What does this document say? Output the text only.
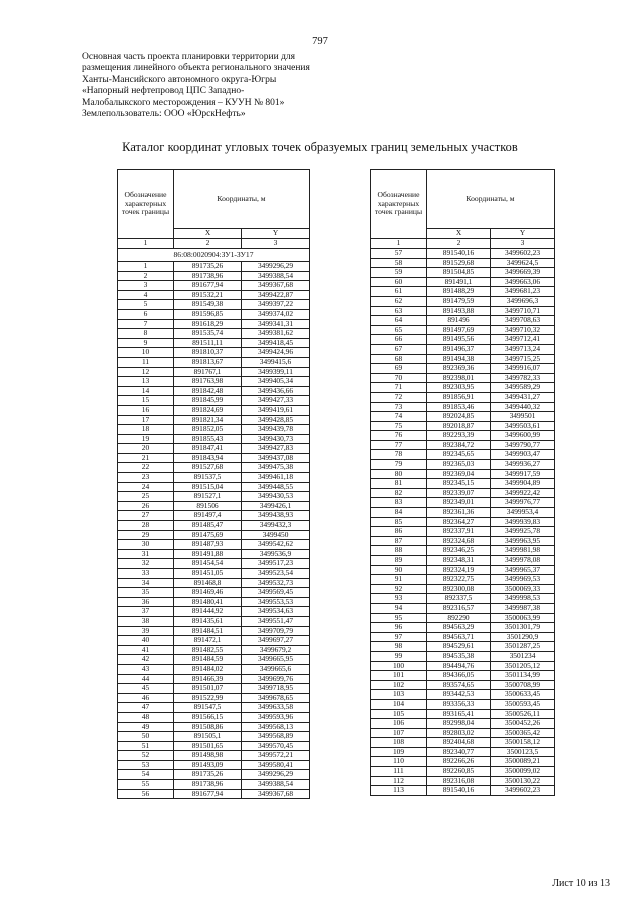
797
Основная часть проекта планировки территории для
размещения линейного объекта регионального значения
Ханты-Мансийского автономного округа-Югры
«Напорный нефтепровод ЦПС Западно-
Малобалыкского месторождения – КУУН № 801»
Землепользователь: ООО «ЮрскНефть»
Каталог координат угловых точек образуемых границ земельных участков
Обозначение характерных точек границы	Координаты, м	
	X	Y
1	2	3
86:08:0020904:ЗУ1-ЗУ17		
1	891735,26	3499296,29
2	891738,96	3499388,54
3	891677,94	3499367,68
4	891532,21	3499422,87
5	891549,38	3499397,22
6	891596,85	3499374,02
7	891618,29	3499341,31
8	891535,74	3499381,62
9	891511,11	3499418,45
10	891810,37	3499424,96
11	891813,67	3499415,6
12	891767,1	3499399,11
13	891763,98	3499405,34
14	891842,48	3499436,66
15	891845,99	3499427,33
16	891824,69	3499419,61
17	891821,34	3499428,85
18	891852,05	3499439,78
19	891855,43	3499430,73
20	891847,41	3499427,83
21	891843,94	3499437,08
22	891527,68	3499475,38
23	891537,5	3499461,18
24	891515,04	3499448,55
25	891527,1	3499430,53
26	891506	3499426,1
27	891497,4	3499438,93
28	891485,47	3499432,3
29	891475,69	3499450
30	891487,93	3499542,62
31	891491,88	3499536,9
32	891454,54	3499517,23
33	891451,05	3499523,54
34	891468,8	3499532,73
35	891469,46	3499569,45
36	891480,41	3499553,53
37	891444,92	3499534,63
38	891435,61	3499551,47
39	891484,51	3499709,79
40	891472,1	3499697,27
41	891482,55	3499679,2
42	891484,59	3499665,95
43	891484,02	3499665,6
44	891466,39	3499699,76
45	891501,07	3499718,95
46	891522,99	3499678,65
47	891547,5	3499633,58
48	891566,15	3499593,96
49	891508,86	3499568,13
50	891505,1	3499568,89
51	891501,65	3499570,45
52	891498,98	3499572,21
53	891493,09	3499580,41
54	891735,26	3499296,29
55	891738,96	3499388,54
56	891677,94	3499367,68
Обозначение характерных точек границы	Координаты, м	
	X	Y
1	2	3
57	891540,16	3499602,23
58	891529,68	3499624,5
59	891504,85	3499669,39
60	891491,1	3499663,06
61	891488,29	3499681,23
62	891479,59	3499696,3
63	891493,88	3499710,71
64	891496	3499708,63
65	891497,69	3499710,32
66	891495,56	3499712,41
67	891496,37	3499713,24
68	891494,38	3499715,25
69	892369,36	3499916,07
70	892398,01	3499782,33
71	892303,95	3499589,29
72	891856,91	3499431,27
73	891853,46	3499440,32
74	892024,85	3499501
75	892018,87	3499503,61
76	892293,39	3499600,99
77	892384,72	3499790,77
78	892345,65	3499903,47
79	892365,03	3499936,27
80	892369,04	3499917,59
81	892345,15	3499904,89
82	892339,07	3499922,42
83	892349,01	3499976,77
84	892361,36	3499953,4
85	892364,27	3499939,83
86	892337,91	3499925,78
87	892324,68	3499963,95
88	892346,25	3499981,98
89	892348,31	3499978,08
90	892324,19	3499965,37
91	892322,75	3499969,53
92	892300,08	3500069,33
93	892337,5	3499998,53
94	892316,57	3499987,38
95	892290	3500063,99
96	894563,29	3501301,79
97	894563,71	3501290,9
98	894529,61	3501287,25
99	894535,38	3501234
100	894494,76	3501205,12
101	894366,05	3501134,99
102	893574,65	3500708,99
103	893442,53	3500633,45
104	893356,33	3500593,45
105	893165,41	3500526,11
106	892998,04	3500452,26
107	892803,02	3500365,42
108	892404,68	3500158,12
109	892340,77	3500123,5
110	892266,26	3500089,21
111	892260,85	3500099,02
112	892316,08	3500130,22
113	891540,16	3499602,23
Лист 10 из 13
